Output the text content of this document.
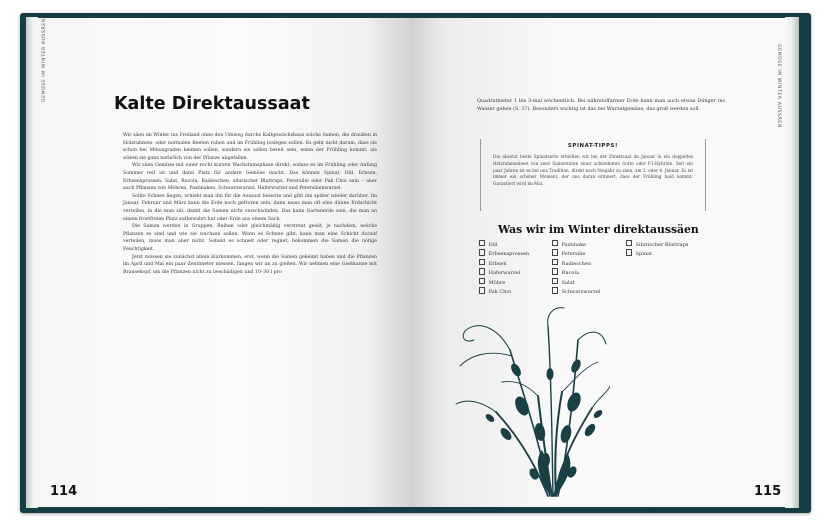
GEMÜSE IM WINTER AUSSÄEN
Kalte Direktaussaat

Wir säen im Winter ins Freiland ohne den Umweg durchs Kaltgewächshaus solche Samen, die draußen in Holzrahmen- oder normalen Beeten ruhen und im Frühling loslegen sollen. Es geht nicht darum, dass sie schon bei Minusgraden keimen sollen, sondern sie sollen bereit sein, wenn der Frühling kommt, als wären sie ganz natürlich von der Pflanze abgefallen.

Wir säen Gemüse mit einer recht kurzen Wachstumsphase direkt, sodass es im Frühling oder Anfang Sommer reif ist und dann Platz für andere Gemüse macht. Das können Spinat, Dill, Erbsen, Erbsensprossen, Salat, Rucola, Radieschen, sibirischer Blattraps, Petersilie oder Pak Choi sein – aber auch Pflanzen wie Möhren, Pastinaken, Schwarzwurzel, Haferwurzel und Petersilienwurzel.

Sollte Schnee liegen, schiebt man ihn für die Aussaat beiseite und gibt ihn später wieder darüber. Im Januar, Februar und März kann die Erde noch gefroren sein, dann muss man oft eine dünne Erdschicht verteilen, in die man sät, damit die Samen nicht verschwinden. Das kann Gartenerde sein, die man an einem frostfreien Platz aufbewahrt hat oder Erde aus einem Sack.

Die Samen werden in Gruppen, Reihen oder gleichmäßig verstreut gesät, je nachdem, welche Pflanzen es sind und wie sie wachsen sollen. Wenn es Schnee gibt, kann man eine Schicht darauf verteilen, muss man aber nicht. Sobald es schneit oder regnet, bekommen die Samen die nötige Feuchtigkeit.

Jetzt müssen sie zunächst allein klarkommen, erst, wenn die Samen gekeimt haben und die Pflanzen im April und Mai ein paar Zentimeter messen, fangen wir an zu gießen. Wir nehmen eine Gießkanne mit Brausekopf, um die Pflanzen nicht zu beschädigen und 10–30 l pro

114
GEMÜSE IM WINTER AUSSÄEN

Quadratmeter 1 bis 3-mal wöchentlich. Bei nährstoffarmer Erde kann man auch etwas Dünger ins Wasser geben (S. 37). Besonders wichtig ist das bei Wurzelgemüse, das groß werden soll.

SPINAT-TIPPS!

Die absolut beste Spinatsorte erhielten wir bei der Direktsaat im Januar in ein doppeltes Holzrahmenbeet von zwei Samentüten einer achtzehnten Sorte oder F1-Hybride. Seit ein paar Jahren ist es bei uns Tradition, direkt nach Neujahr zu säen, am 2. oder 4. Januar. Es ist immer ein schöner Moment, der uns daran erinnert, dass der Frühling bald kommt. Garantiert wird im Mai.

Was wir im Winter direktaussäen
Dill
Erbsensprossen
Erbsen
Haferwurzel
Möhre
Pak Choi
Pastinake
Petersilie
Radieschen
Rucola
Salat
Schwarzwurzel
Sibirischer Blattraps
Spinat
115
